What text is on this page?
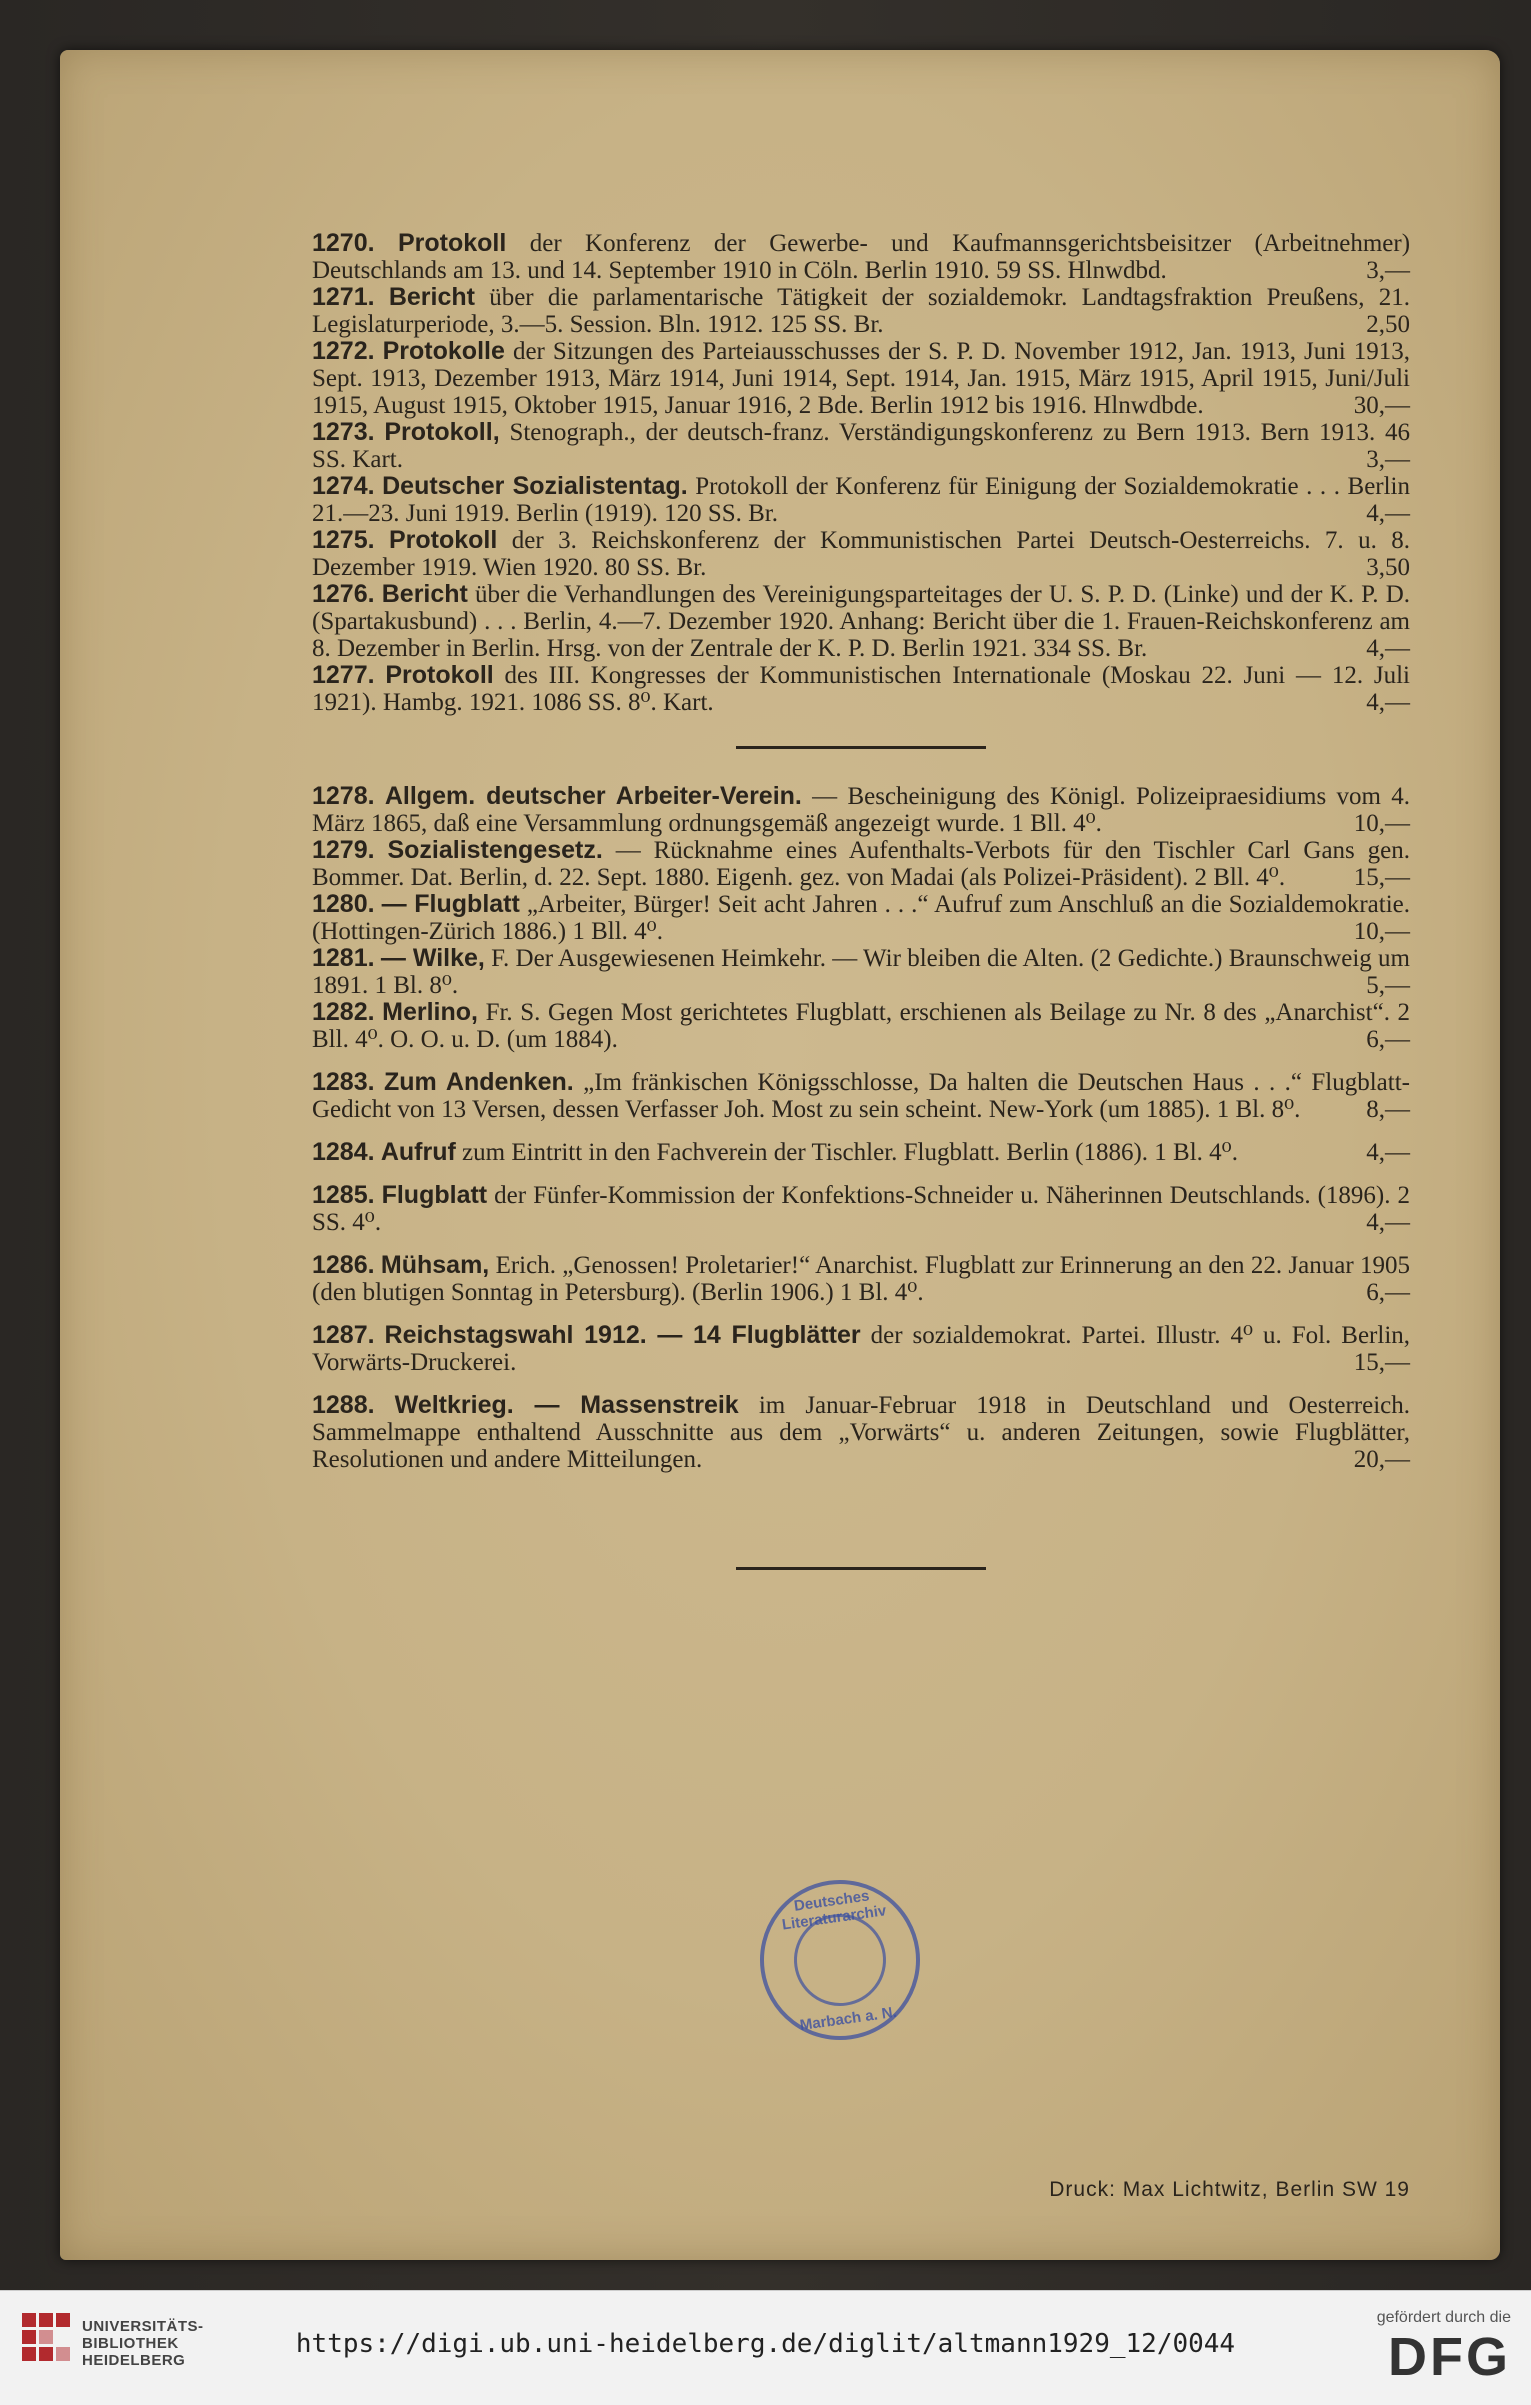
1270. Protokoll der Konferenz der Gewerbe- und Kaufmannsgerichtsbeisitzer (Arbeitnehmer) Deutschlands am 13. und 14. September 1910 in Cöln. Berlin 1910. 59 SS. Hlnwdbd.	3,—
1271. Bericht über die parlamentarische Tätigkeit der sozialdemokr. Landtagsfraktion Preußens, 21. Legislaturperiode, 3.—5. Session. Bln. 1912. 125 SS. Br.	2,50
1272. Protokolle der Sitzungen des Parteiausschusses der S. P. D. November 1912, Jan. 1913, Juni 1913, Sept. 1913, Dezember 1913, März 1914, Juni 1914, Sept. 1914, Jan. 1915, März 1915, April 1915, Juni/Juli 1915, August 1915, Oktober 1915, Januar 1916, 2 Bde. Berlin 1912 bis 1916. Hlnwdbde.	30,—
1273. Protokoll, Stenograph., der deutsch-franz. Verständigungskonferenz zu Bern 1913. Bern 1913. 46 SS. Kart.	3,—
1274. Deutscher Sozialistentag. Protokoll der Konferenz für Einigung der Sozialdemokratie . . . Berlin 21.—23. Juni 1919. Berlin (1919). 120 SS. Br.	4,—
1275. Protokoll der 3. Reichskonferenz der Kommunistischen Partei Deutsch-Oesterreichs. 7. u. 8. Dezember 1919. Wien 1920. 80 SS. Br.	3,50
1276. Bericht über die Verhandlungen des Vereinigungsparteitages der U. S. P. D. (Linke) und der K. P. D. (Spartakusbund) . . . Berlin, 4.—7. Dezember 1920. Anhang: Bericht über die 1. Frauen-Reichskonferenz am 8. Dezember in Berlin. Hrsg. von der Zentrale der K. P. D. Berlin 1921. 334 SS. Br.	4,—
1277. Protokoll des III. Kongresses der Kommunistischen Internationale (Moskau 22. Juni — 12. Juli 1921). Hambg. 1921. 1086 SS. 8⁰. Kart.	4,—
1278. Allgem. deutscher Arbeiter-Verein. — Bescheinigung des Königl. Polizeipraesidiums vom 4. März 1865, daß eine Versammlung ordnungsgemäß angezeigt wurde. 1 Bll. 4⁰.	10,—
1279. Sozialistengesetz. — Rücknahme eines Aufenthalts-Verbots für den Tischler Carl Gans gen. Bommer. Dat. Berlin, d. 22. Sept. 1880. Eigenh. gez. von Madai (als Polizei-Präsident). 2 Bll. 4⁰.	15,—
1280. — Flugblatt „Arbeiter, Bürger! Seit acht Jahren . . .“ Aufruf zum Anschluß an die Sozialdemokratie. (Hottingen-Zürich 1886.) 1 Bll. 4⁰.	10,—
1281. — Wilke, F. Der Ausgewiesenen Heimkehr. — Wir bleiben die Alten. (2 Gedichte.) Braunschweig um 1891. 1 Bl. 8⁰.	5,—
1282. Merlino, Fr. S. Gegen Most gerichtetes Flugblatt, erschienen als Beilage zu Nr. 8 des „Anarchist“. 2 Bll. 4⁰. O. O. u. D. (um 1884).	6,—
1283. Zum Andenken. „Im fränkischen Königsschlosse, Da halten die Deutschen Haus . . .“ Flugblatt-Gedicht von 13 Versen, dessen Verfasser Joh. Most zu sein scheint. New-York (um 1885). 1 Bl. 8⁰.	8,—
1284. Aufruf zum Eintritt in den Fachverein der Tischler. Flugblatt. Berlin (1886). 1 Bl. 4⁰.	4,—
1285. Flugblatt der Fünfer-Kommission der Konfektions-Schneider u. Näherinnen Deutschlands. (1896). 2 SS. 4⁰.	4,—
1286. Mühsam, Erich. „Genossen! Proletarier!“ Anarchist. Flugblatt zur Erinnerung an den 22. Januar 1905 (den blutigen Sonntag in Petersburg). (Berlin 1906.) 1 Bl. 4⁰.	6,—
1287. Reichstagswahl 1912. — 14 Flugblätter der sozialdemokrat. Partei. Illustr. 4⁰ u. Fol. Berlin, Vorwärts-Druckerei.	15,—
1288. Weltkrieg. — Massenstreik im Januar-Februar 1918 in Deutschland und Oesterreich. Sammelmappe enthaltend Ausschnitte aus dem „Vorwärts“ u. anderen Zeitungen, sowie Flugblätter, Resolutionen und andere Mitteilungen.	20,—
Deutsches Literaturarchiv
Marbach a. N.
Druck: Max Lichtwitz, Berlin SW 19
UNIVERSITÄTS-
BIBLIOTHEK
HEIDELBERG
https://digi.ub.uni-heidelberg.de/diglit/altmann1929_12/0044
gefördert durch die
DFG
